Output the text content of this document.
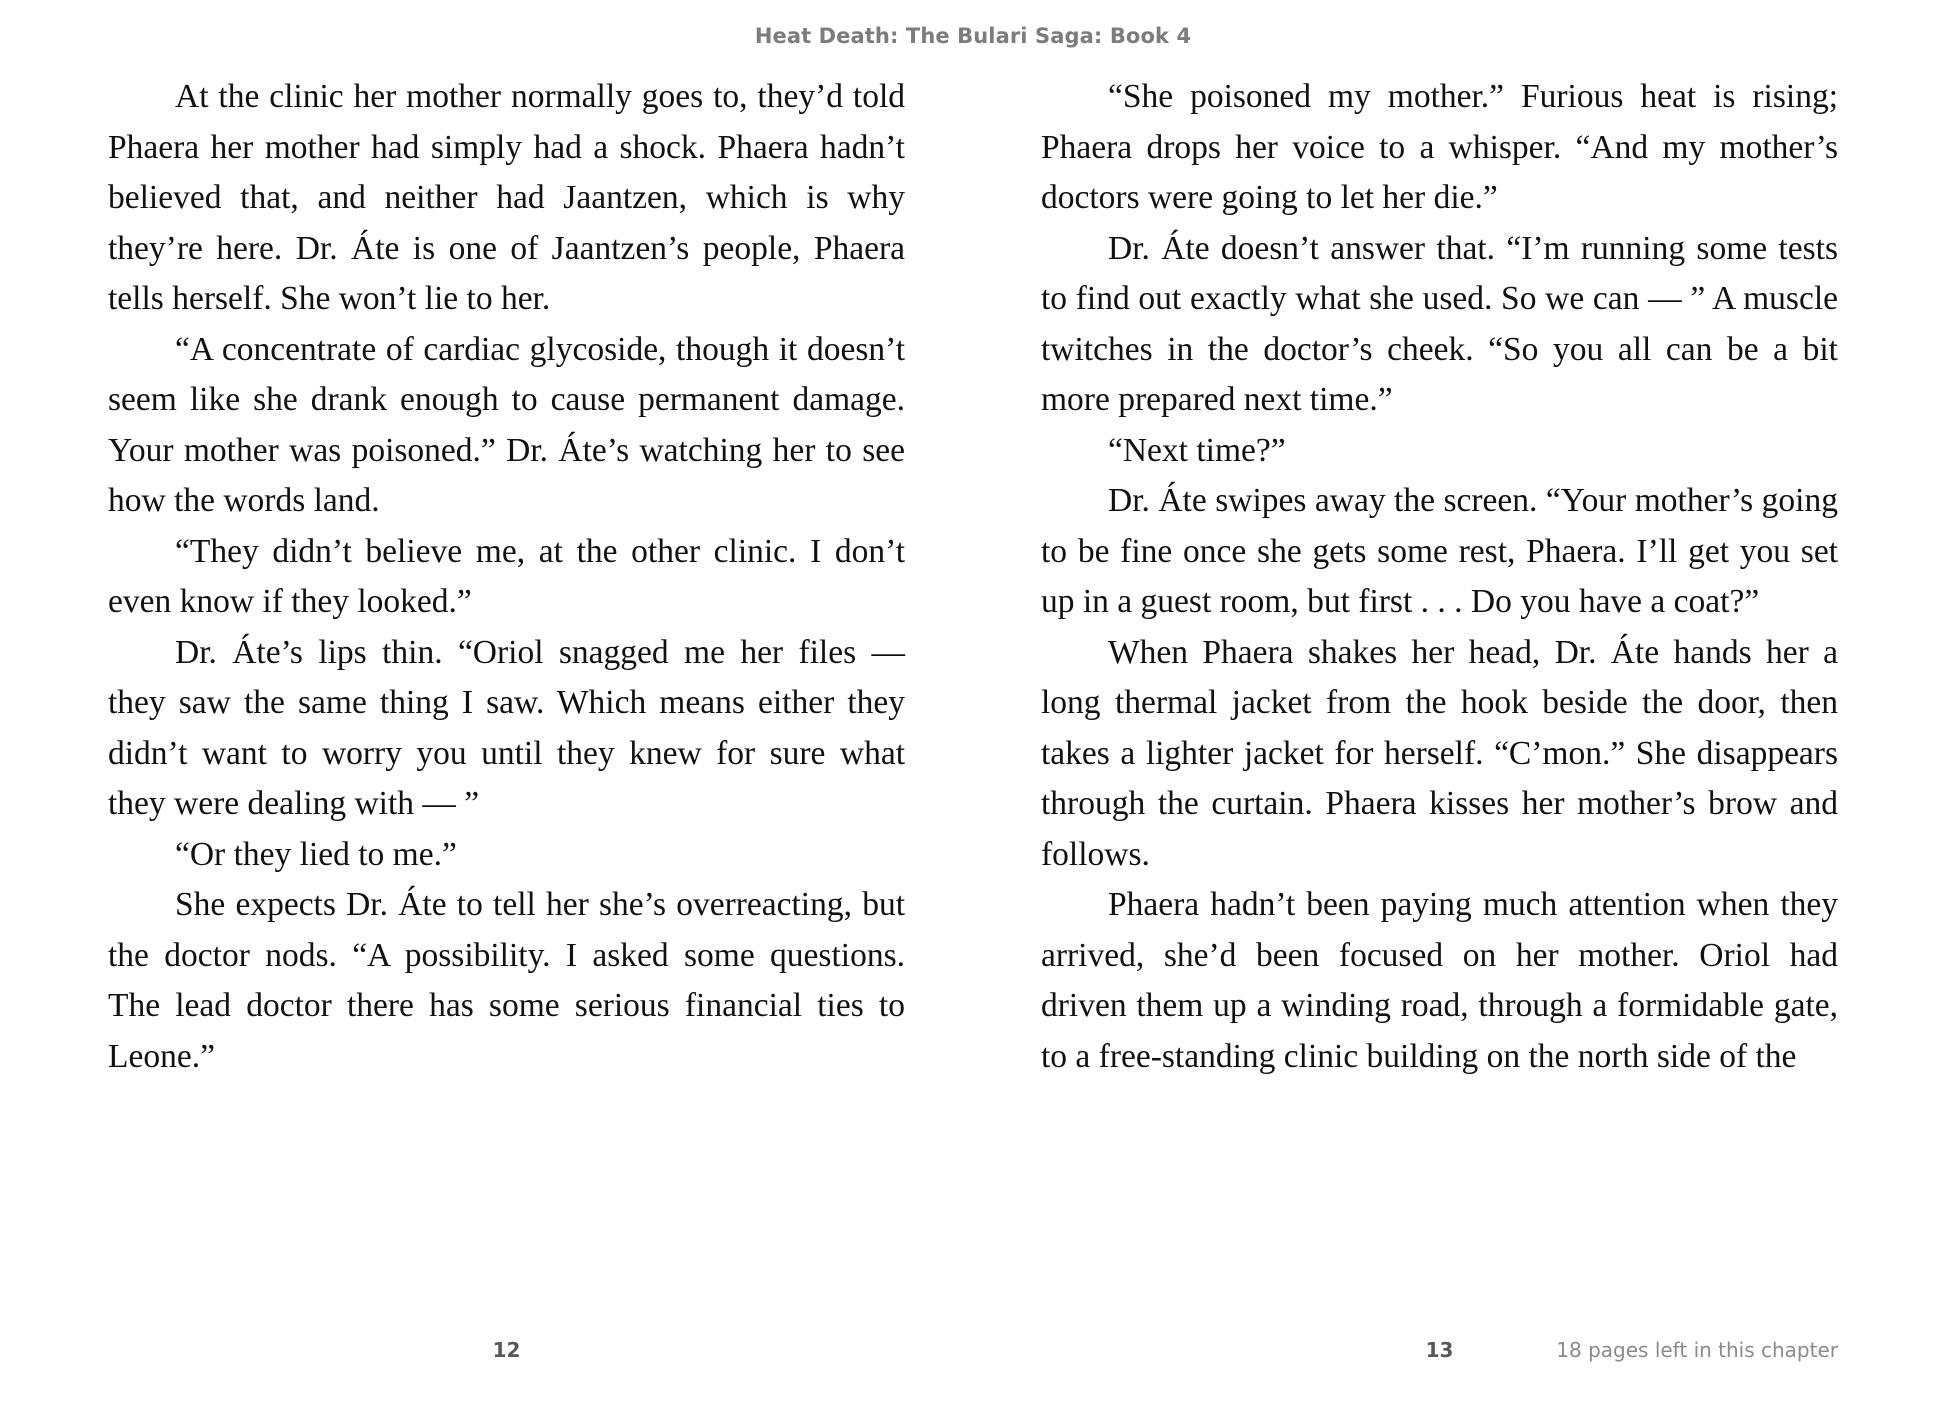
Heat Death: The Bulari Saga: Book 4

At the clinic her mother normally goes to, they’d told Phaera her mother had simply had a shock. Phaera hadn’t believed that, and neither had Jaantzen, which is why they’re here. Dr. Áte is one of Jaantzen’s people, Phaera tells herself. She won’t lie to her.

“A concentrate of cardiac glycoside, though it doesn’t seem like she drank enough to cause permanent damage. Your mother was poisoned.” Dr. Áte’s watching her to see how the words land.

“They didn’t believe me, at the other clinic. I don’t even know if they looked.”

Dr. Áte’s lips thin. “Oriol snagged me her files — they saw the same thing I saw. Which means either they didn’t want to worry you until they knew for sure what they were dealing with — ”

“Or they lied to me.”

She expects Dr. Áte to tell her she’s overreacting, but the doctor nods. “A possibility. I asked some questions. The lead doctor there has some serious financial ties to Leone.”

“She poisoned my mother.” Furious heat is rising; Phaera drops her voice to a whisper. “And my mother’s doctors were going to let her die.”

Dr. Áte doesn’t answer that. “I’m running some tests to find out exactly what she used. So we can — ” A muscle twitches in the doctor’s cheek. “So you all can be a bit more prepared next time.”

“Next time?”

Dr. Áte swipes away the screen. “Your mother’s going to be fine once she gets some rest, Phaera. I’ll get you set up in a guest room, but first . . . Do you have a coat?”

When Phaera shakes her head, Dr. Áte hands her a long thermal jacket from the hook beside the door, then takes a lighter jacket for herself. “C’mon.” She disappears through the curtain. Phaera kisses her mother’s brow and follows.

Phaera hadn’t been paying much attention when they arrived, she’d been focused on her mother. Oriol had driven them up a winding road, through a formidable gate, to a free-standing clinic building on the north side of the

12	13	18 pages left in this chapter
